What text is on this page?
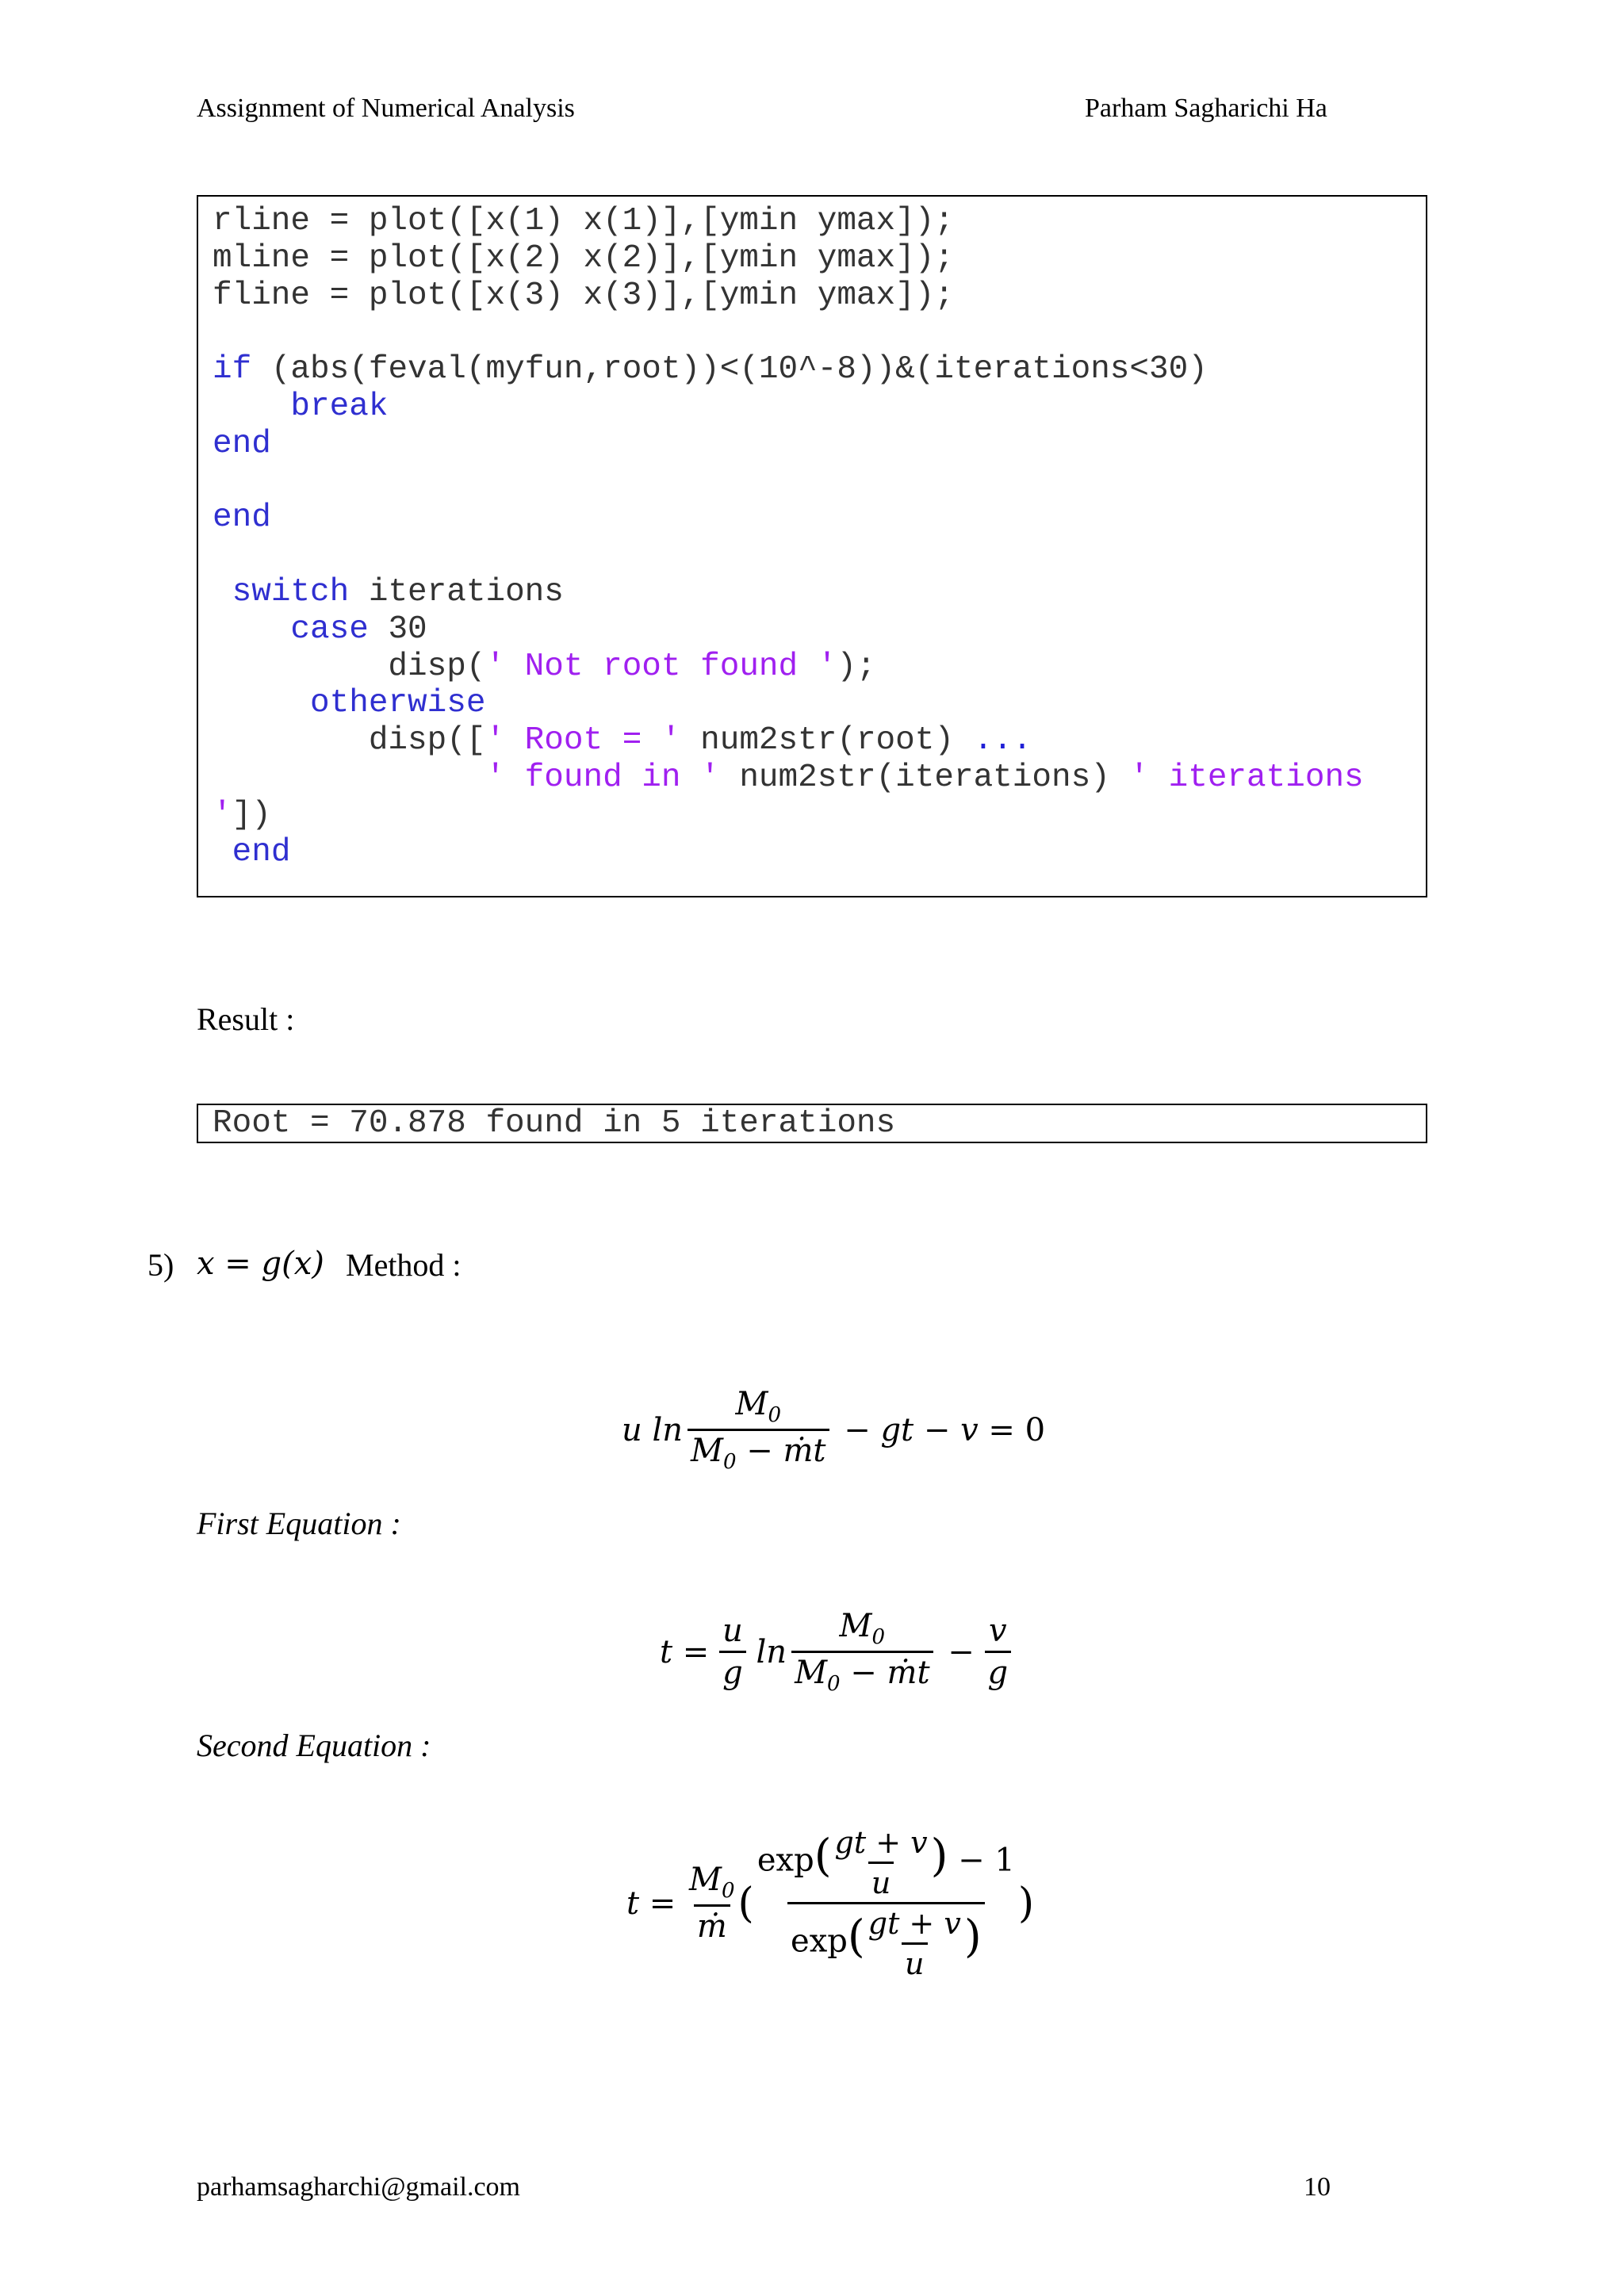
Assignment of Numerical Analysis	Parham Sagharichi Ha
rline = plot([x(1) x(1)],[ymin ymax]);
mline = plot([x(2) x(2)],[ymin ymax]);
fline = plot([x(3) x(3)],[ymin ymax]);
if (abs(feval(myfun,root))<(10^-8))&(iterations<30)
break
end
end
switch iterations
case 30
disp(' Not root found ');
otherwise
disp([' Root = ' num2str(root) ...
' found in ' num2str(iterations) ' iterations
'])
end
Result :
Root = 70.878 found in 5 iterations
5) x = g(x) Method :
u ln
$M_0$
$M_0$ − ṁt
− gt − v = 0
First Equation :
t =
u
g
ln
$M_0$
$M_0$ − ṁt
− $\frac{v}{g}$
Second Equation :
t =
$M_0$
ṁ (
$\exp( \frac{gt + v}{u}$ ) − 1
$\exp( \frac{gt + v}{u}$ )
)
parhamsagharchi@gmail.com	10
